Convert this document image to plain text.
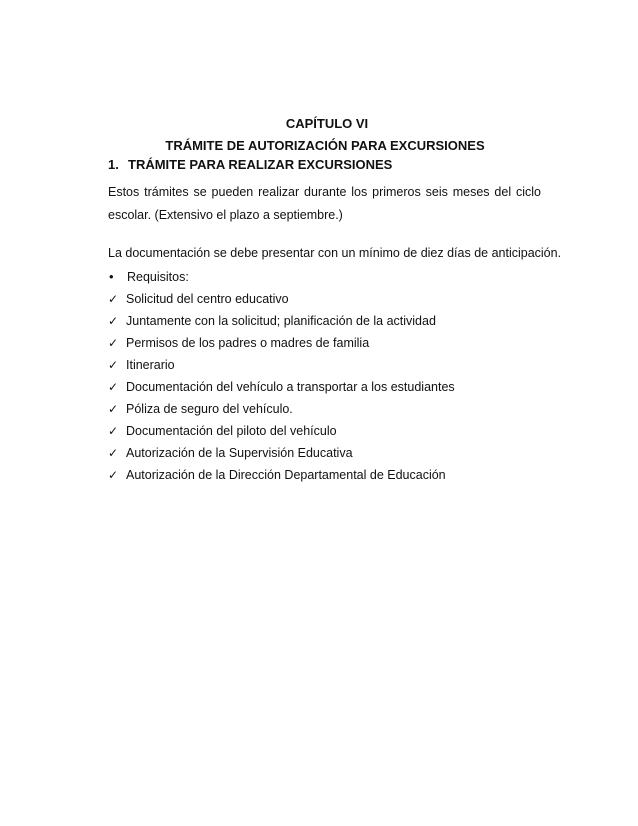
CAPÍTULO VI
TRÁMITE DE AUTORIZACIÓN PARA EXCURSIONES
1. TRÁMITE PARA REALIZAR EXCURSIONES
Estos trámites se pueden realizar durante los primeros seis meses del ciclo escolar. (Extensivo el plazo a septiembre.)
La documentación se debe presentar con un mínimo de diez días de anticipación.
•	Requisitos:
✓ Solicitud del centro educativo
✓ Juntamente con la solicitud; planificación de la actividad
✓ Permisos de los padres o madres de familia
✓ Itinerario
✓ Documentación del vehículo a transportar a los estudiantes
✓ Póliza de seguro del vehículo.
✓ Documentación del piloto del vehículo
✓ Autorización de la Supervisión Educativa
✓ Autorización de la Dirección Departamental de Educación
